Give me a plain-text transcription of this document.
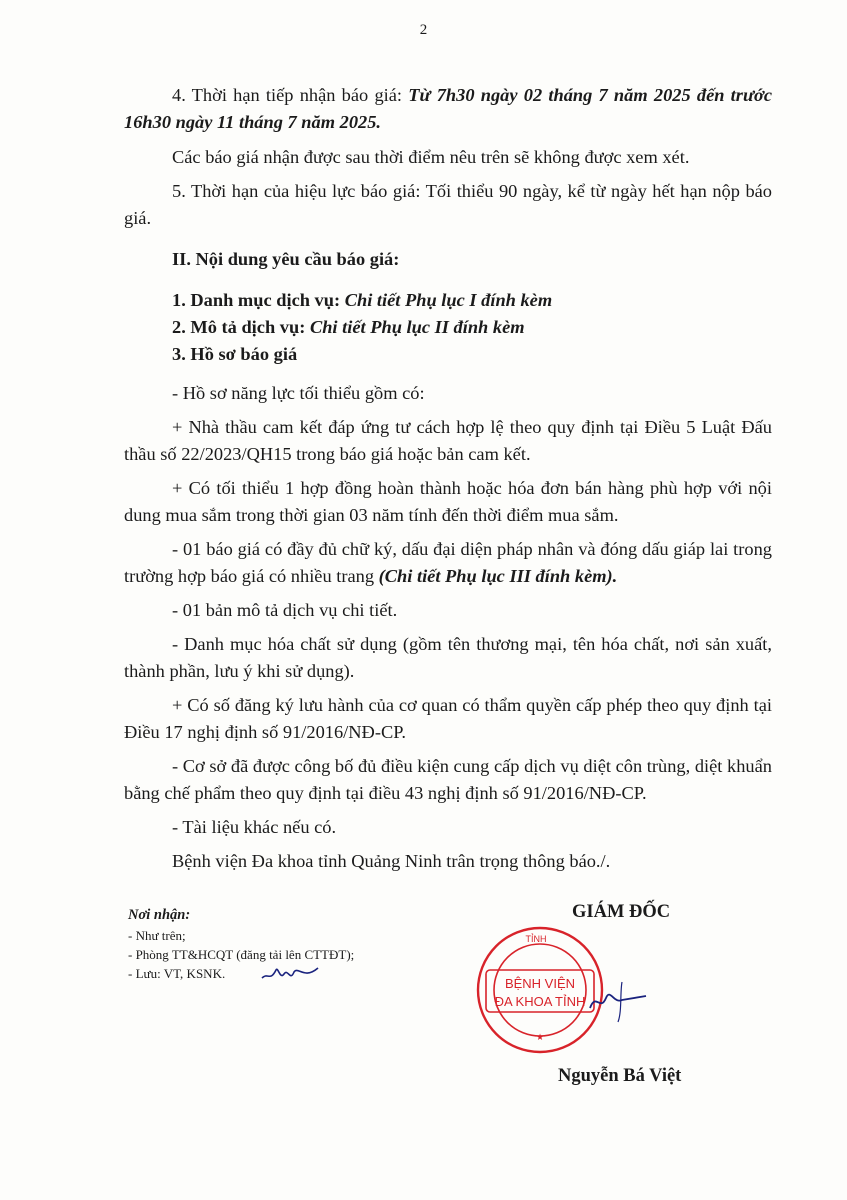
2

4. Thời hạn tiếp nhận báo giá: Từ 7h30 ngày 02 tháng 7 năm 2025 đến trước 16h30 ngày 11 tháng 7 năm 2025.

Các báo giá nhận được sau thời điểm nêu trên sẽ không được xem xét.

5. Thời hạn của hiệu lực báo giá: Tối thiểu 90 ngày, kể từ ngày hết hạn nộp báo giá.

II. Nội dung yêu cầu báo giá:

1. Danh mục dịch vụ: Chi tiết Phụ lục I đính kèm

2. Mô tả dịch vụ: Chi tiết Phụ lục II đính kèm

3. Hồ sơ báo giá

- Hồ sơ năng lực tối thiểu gồm có:

+ Nhà thầu cam kết đáp ứng tư cách hợp lệ theo quy định tại Điều 5 Luật Đấu thầu số 22/2023/QH15 trong báo giá hoặc bản cam kết.

+ Có tối thiểu 1 hợp đồng hoàn thành hoặc hóa đơn bán hàng phù hợp với nội dung mua sắm trong thời gian 03 năm tính đến thời điểm mua sắm.

- 01 báo giá có đầy đủ chữ ký, dấu đại diện pháp nhân và đóng dấu giáp lai trong trường hợp báo giá có nhiều trang (Chi tiết Phụ lục III đính kèm).

- 01 bản mô tả dịch vụ chi tiết.

- Danh mục hóa chất sử dụng (gồm tên thương mại, tên hóa chất, nơi sản xuất, thành phần, lưu ý khi sử dụng).

+ Có số đăng ký lưu hành của cơ quan có thẩm quyền cấp phép theo quy định tại Điều 17 nghị định số 91/2016/NĐ-CP.

- Cơ sở đã được công bố đủ điều kiện cung cấp dịch vụ diệt côn trùng, diệt khuẩn bằng chế phẩm theo quy định tại điều 43 nghị định số 91/2016/NĐ-CP.

- Tài liệu khác nếu có.

Bệnh viện Đa khoa tỉnh Quảng Ninh trân trọng thông báo./.

Nơi nhận:
- Như trên;
- Phòng TT&HCQT (đăng tải lên CTTĐT);
- Lưu: VT, KSNK.
GIÁM ĐỐC
TỈNH
BỆNH VIỆN
ĐA KHOA TỈNH
★
Nguyễn Bá Việt
